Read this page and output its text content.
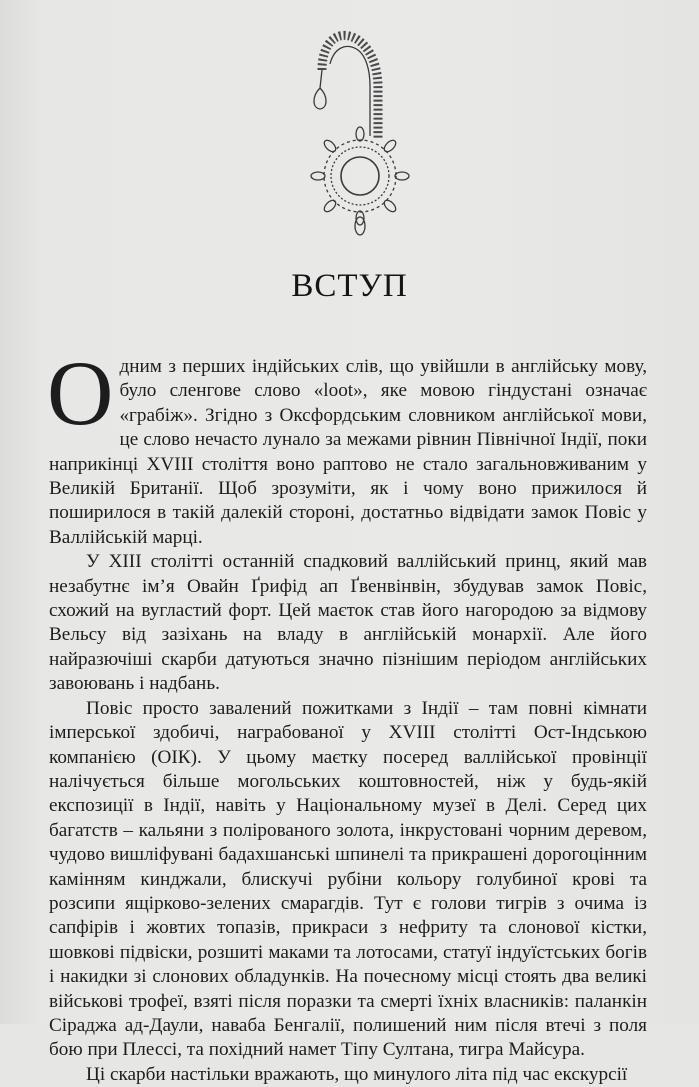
ВСТУП

Одним з перших індійських слів, що увійшли в англійську мову, було сленгове слово «loot», яке мовою гіндустані означає «грабіж». Згідно з Оксфордським словником англійської мови, це слово нечасто лунало за межами рівнин Північної Індії, поки наприкінці XVIII століття воно раптово не стало загальновживаним у Великій Британії. Щоб зрозуміти, як і чому воно прижилося й поширилося в такій далекій стороні, достатньо відвідати замок Повіс у Валлійській марці.

У XIII столітті останній спадковий валлійський принц, який мав незабутнє ім’я Овайн Ґрифід ап Ґвенвінвін, збудував замок Повіс, схожий на вугластий форт. Цей маєток став його нагородою за відмову Вельсу від зазіхань на владу в англійській монархії. Але його найразючіші скарби датуються значно пізнішим періодом англійських завоювань і надбань.

Повіс просто завалений пожитками з Індії – там повні кімнати імперської здобичі, награбованої у XVIII столітті Ост-Індською компанією (ОІК). У цьому маєтку посеред валлійської провінції налічується більше могольських коштовностей, ніж у будь-якій експозиції в Індії, навіть у Національному музеї в Делі. Серед цих багатств – кальяни з полірованого золота, інкрустовані чорним деревом, чудово вишліфувані бадахшанські шпинелі та прикрашені дорогоцінним камінням кинджали, блискучі рубіни кольору голубиної крові та розсипи ящірково-зелених смарагдів. Тут є голови тигрів з очима із сапфірів і жовтих топазів, прикраси з нефриту та слонової кістки, шовкові підвіски, розшиті маками та лотосами, статуї індуїстських богів і накидки зі слонових обладунків. На почесному місці стоять два великі військові трофеї, взяті після поразки та смерті їхніх власників: паланкін Сіраджа ад-Даули, наваба Бенгалії, полишений ним після втечі з поля бою при Плессі, та похідний намет Тіпу Султана, тигра Майсура.

Ці скарби настільки вражають, що минулого літа під час екскурсії
